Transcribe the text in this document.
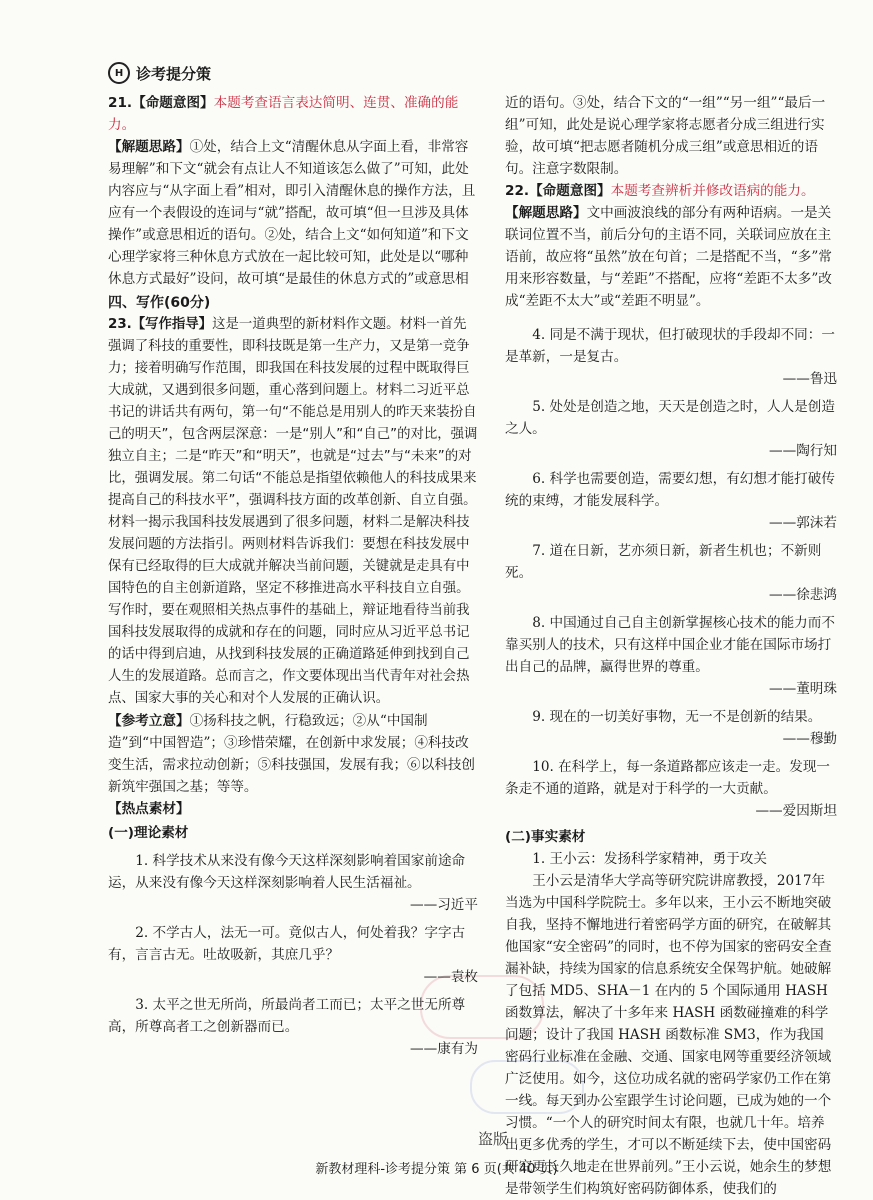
H 诊考提分策

21.【命题意图】本题考查语言表达简明、连贯、准确的能力。

【解题思路】①处，结合上文“清醒休息从字面上看，非常容易理解”和下文“就会有点让人不知道该怎么做了”可知，此处内容应与“从字面上看”相对，即引入清醒休息的操作方法，且应有一个表假设的连词与“就”搭配，故可填“但一旦涉及具体操作”或意思相近的语句。②处，结合上文“如何知道”和下文心理学家将三种休息方式放在一起比较可知，此处是以“哪种休息方式最好”设问，故可填“是最佳的休息方式的”或意思相

四、写作(60分)

23.【写作指导】这是一道典型的新材料作文题。材料一首先强调了科技的重要性，即科技既是第一生产力，又是第一竞争力；接着明确写作范围，即我国在科技发展的过程中既取得巨大成就，又遇到很多问题，重心落到问题上。材料二习近平总书记的讲话共有两句，第一句“不能总是用别人的昨天来装扮自己的明天”，包含两层深意：一是“别人”和“自己”的对比，强调独立自主；二是“昨天”和“明天”，也就是“过去”与“未来”的对比，强调发展。第二句话“不能总是指望依赖他人的科技成果来提高自己的科技水平”，强调科技方面的改革创新、自立自强。材料一揭示我国科技发展遇到了很多问题，材料二是解决科技发展问题的方法指引。两则材料告诉我们：要想在科技发展中保有已经取得的巨大成就并解决当前问题，关键就是走具有中国特色的自主创新道路，坚定不移推进高水平科技自立自强。写作时，要在观照相关热点事件的基础上，辩证地看待当前我国科技发展取得的成就和存在的问题，同时应从习近平总书记的话中得到启迪，从找到科技发展的正确道路延伸到找到自己人生的发展道路。总而言之，作文要体现出当代青年对社会热点、国家大事的关心和对个人发展的正确认识。

【参考立意】①扬科技之帆，行稳致远；②从“中国制造”到“中国智造”；③珍惜荣耀，在创新中求发展；④科技改变生活，需求拉动创新；⑤科技强国，发展有我；⑥以科技创新筑牢强国之基；等等。

【热点素材】

(一)理论素材

1. 科学技术从来没有像今天这样深刻影响着国家前途命运，从来没有像今天这样深刻影响着人民生活福祉。

——习近平

2. 不学古人，法无一可。竟似古人，何处着我？字字古有，言言古无。吐故吸新，其庶几乎？

——袁枚

3. 太平之世无所尚，所最尚者工而已；太平之世无所尊高，所尊高者工之创新器而已。

——康有为

近的语句。③处，结合下文的“一组”“另一组”“最后一组”可知，此处是说心理学家将志愿者分成三组进行实验，故可填“把志愿者随机分成三组”或意思相近的语句。注意字数限制。

22.【命题意图】本题考查辨析并修改语病的能力。

【解题思路】文中画波浪线的部分有两种语病。一是关联词位置不当，前后分句的主语不同，关联词应放在主语前，故应将“虽然”放在句首；二是搭配不当，“多”常用来形容数量，与“差距”不搭配，应将“差距不太多”改成“差距不太大”或“差距不明显”。

4. 同是不满于现状，但打破现状的手段却不同：一是革新，一是复古。

——鲁迅

5. 处处是创造之地，天天是创造之时，人人是创造之人。

——陶行知

6. 科学也需要创造，需要幻想，有幻想才能打破传统的束缚，才能发展科学。

——郭沫若

7. 道在日新，艺亦须日新，新者生机也；不新则死。

——徐悲鸿

8. 中国通过自己自主创新掌握核心技术的能力而不靠买别人的技术，只有这样中国企业才能在国际市场打出自己的品牌，赢得世界的尊重。

——董明珠

9. 现在的一切美好事物，无一不是创新的结果。

——穆勤

10. 在科学上，每一条道路都应该走一走。发现一条走不通的道路，就是对于科学的一大贡献。

——爱因斯坦

(二)事实素材

1. 王小云：发扬科学家精神，勇于攻关

王小云是清华大学高等研究院讲席教授，2017年当选为中国科学院院士。多年以来，王小云不断地突破自我，坚持不懈地进行着密码学方面的研究，在破解其他国家“安全密码”的同时，也不停为国家的密码安全查漏补缺，持续为国家的信息系统安全保驾护航。她破解了包括 MD5、SHA－1 在内的 5 个国际通用 HASH 函数算法，解决了十多年来 HASH 函数碰撞难的科学问题；设计了我国 HASH 函数标准 SM3，作为我国密码行业标准在金融、交通、国家电网等重要经济领域广泛使用。如今，这位功成名就的密码学家仍工作在第一线。每天到办公室跟学生讨论问题，已成为她的一个习惯。“一个人的研究时间太有限，也就几十年。培养出更多优秀的学生，才可以不断延续下去，使中国密码研究更长久地走在世界前列。”王小云说，她余生的梦想是带领学生们构筑好密码防御体系，使我们的

盗版
新教材理科-诊考提分策 第 6 页(共 40 页)
